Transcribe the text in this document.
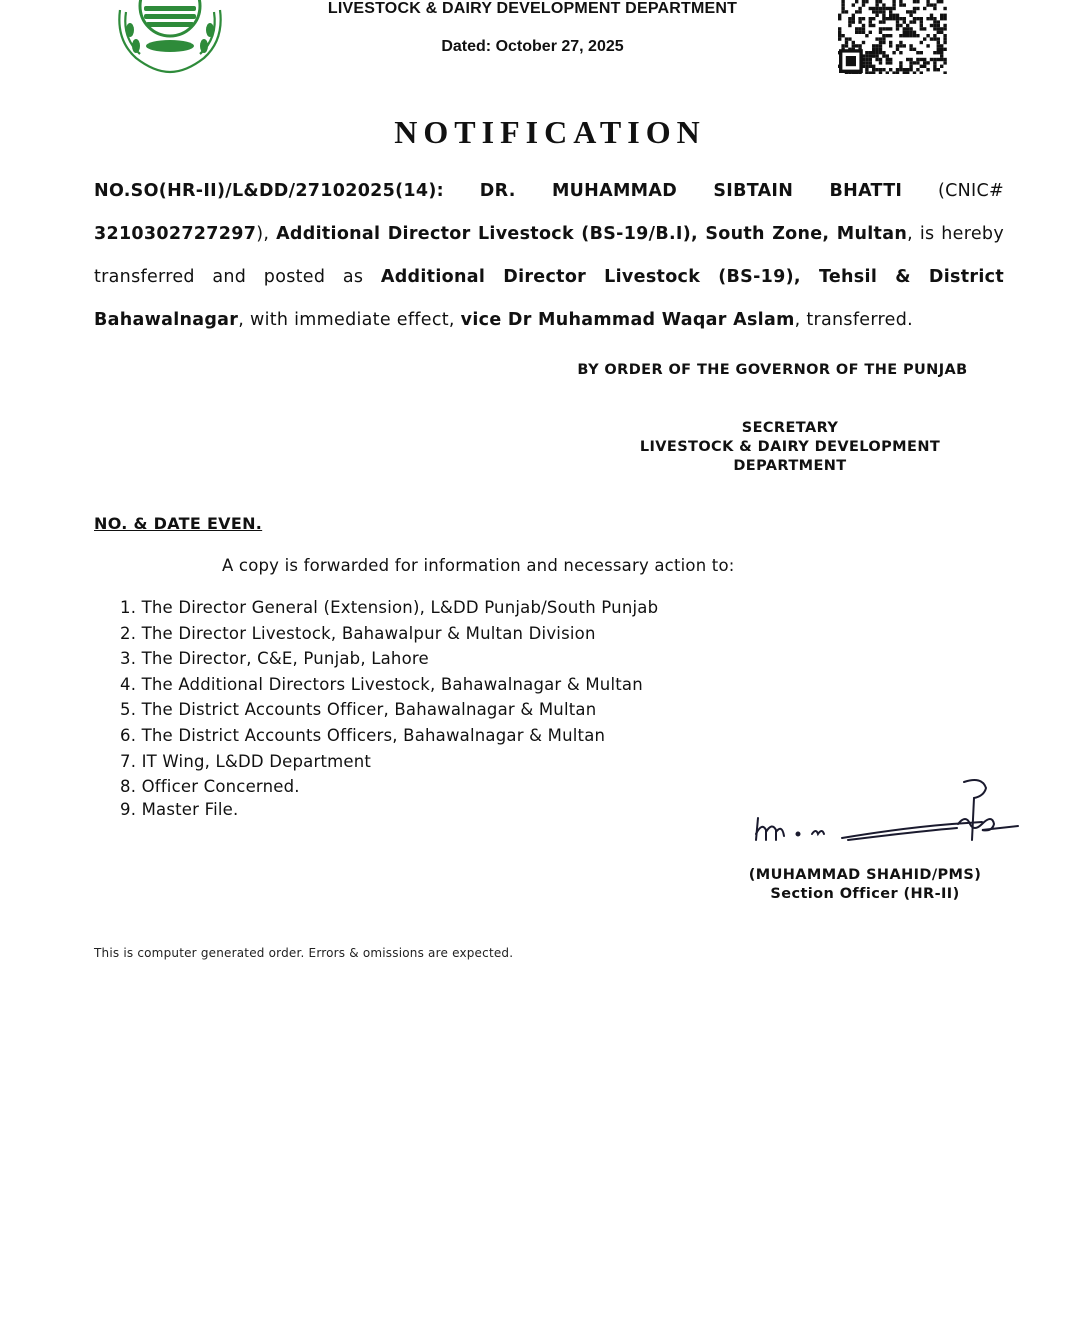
LIVESTOCK & DAIRY DEVELOPMENT DEPARTMENT
Dated: October 27, 2025
NOTIFICATION
NO.SO(HR-II)/L&DD/27102025(14): DR. MUHAMMAD SIBTAIN BHATTI (CNIC# 3210302727297), Additional Director Livestock (BS-19/B.I), South Zone, Multan, is hereby transferred and posted as Additional Director Livestock (BS-19), Tehsil & District Bahawalnagar, with immediate effect, vice Dr Muhammad Waqar Aslam, transferred.
BY ORDER OF THE GOVERNOR OF THE PUNJAB
SECRETARY
LIVESTOCK & DAIRY DEVELOPMENT
DEPARTMENT
NO. & DATE EVEN.
A copy is forwarded for information and necessary action to:
1. The Director General (Extension), L&DD Punjab/South Punjab
2. The Director Livestock, Bahawalpur & Multan Division
3. The Director, C&E, Punjab, Lahore
4. The Additional Directors Livestock, Bahawalnagar & Multan
5. The District Accounts Officer, Bahawalnagar & Multan
6. The District Accounts Officers, Bahawalnagar & Multan
7. IT Wing, L&DD Department
8. Officer Concerned.
9. Master File.
(MUHAMMAD SHAHID/PMS)
Section Officer (HR-II)
This is computer generated order. Errors & omissions are expected.
